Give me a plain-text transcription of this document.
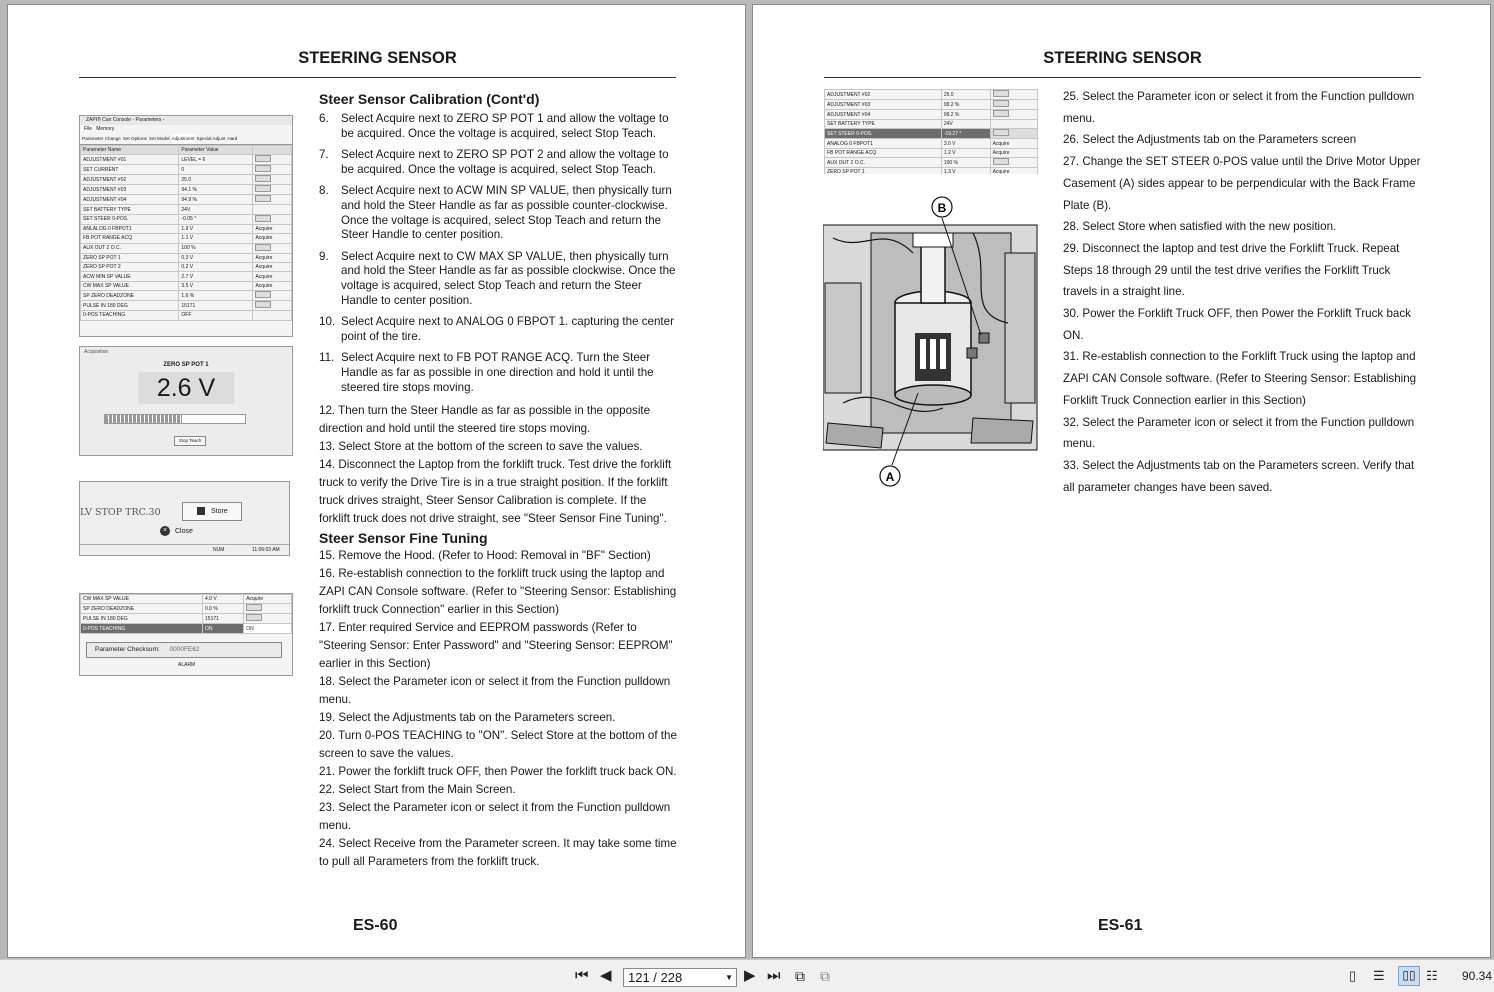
STEERING SENSOR
ZAPI® Can Console - Parameters -
File Memory
Parameter Change Set Options Set Model Adjustment Special Adjust Hard
Parameter Name	Parameter Value	
ADJUSTMENT #01	LEVEL = 6	
SET CURRENT	0	
ADJUSTMENT #02	25.0	
ADJUSTMENT #03	94.1 %	
ADJUSTMENT #04	94.9 %	
SET BATTERY TYPE	24V	
SET STEER 0-POS.	-0.05 °	
ANLALOG 0 FBPOT1	1.9 V	Acquire
FB POT RANGE ACQ	1.1 V	Acquire
AUX OUT 2 O.C.	100 %	
ZERO SP POT 1	0.3 V	Acquire
ZERO SP POT 2	0.2 V	Acquire
ACW MIN SP VALUE	2.7 V	Acquire
CW MAX SP VALUE	3.5 V	Acquire
SP ZERO DEADZONE	1.6 %	
PULSE IN 180 DEG	15171	
0-POS TEACHING	OFF	
Acquisition
ZERO SP POT 1
2.6 V
Stop Teach
LV STOP TRC.30	Store
× Close
NUM	11:06:03 AM
CW MAX SP VALUE	4.0 V	Acquire
SP ZERO DEADZONE	0.0 %	
PULSE IN 180 DEG	15171	
0-POS TEACHING	ON	ON
Parameter Checksum: 0000FE62
ALARM
Steer Sensor Calibration (Cont'd)
6. Select Acquire next to ZERO SP POT 1 and allow the voltage to be acquired. Once the voltage is acquired, select Stop Teach.
7. Select Acquire next to ZERO SP POT 2 and allow the voltage to be acquired. Once the voltage is acquired, select Stop Teach.
8. Select Acquire next to ACW MIN SP VALUE, then physically turn and hold the Steer Handle as far as possible counter-clockwise. Once the voltage is acquired, select Stop Teach and return the Steer Handle to center position.
9. Select Acquire next to CW MAX SP VALUE, then physically turn and hold the Steer Handle as far as possible clockwise. Once the voltage is acquired, select Stop Teach and return the Steer Handle to center position.
10. Select Acquire next to ANALOG 0 FBPOT 1. capturing the center point of the tire.
11. Select Acquire next to FB POT RANGE ACQ. Turn the Steer Handle as far as possible in one direction and hold it until the steered tire stops moving.

12. Then turn the Steer Handle as far as possible in the opposite direction and hold until the steered tire stops moving.

13. Select Store at the bottom of the screen to save the values.

14. Disconnect the Laptop from the forklift truck. Test drive the forklift truck to verify the Drive Tire is in a true straight position. If the forklift truck drives straight, Steer Sensor Calibration is complete. If the forklift truck does not drive straight, see "Steer Sensor Fine Tuning".

Steer Sensor Fine Tuning

15. Remove the Hood. (Refer to Hood: Removal in "BF" Section)

16. Re-establish connection to the forklift truck using the laptop and ZAPI CAN Console software. (Refer to "Steering Sensor: Establishing forklift truck Connection" earlier in this Section)

17. Enter required Service and EEPROM passwords (Refer to "Steering Sensor: Enter Password" and "Steering Sensor: EEPROM" earlier in this Section)

18. Select the Parameter icon or select it from the Function pulldown menu.

19. Select the Adjustments tab on the Parameters screen.

20. Turn 0-POS TEACHING to "ON". Select Store at the bottom of the screen to save the values.

21. Power the forklift truck OFF, then Power the forklift truck back ON.

22. Select Start from the Main Screen.

23. Select the Parameter icon or select it from the Function pulldown menu.

24. Select Receive from the Parameter screen. It may take some time to pull all Parameters from the forklift truck.

ES-60
STEERING SENSOR
ADJUSTMENT #02	25.0	
ADJUSTMENT #03	99.2 %	
ADJUSTMENT #04	99.2 %	
SET BATTERY TYPE	24V	
SET STEER 0-POS.	-19.27 °	
ANALOG 0 FBPOT1	3.0 V	Acquire
FB POT RANGE ACQ	1.2 V	Acquire
AUX OUT 2 O.C.	100 %	
ZERO SP POT 1	1.3 V	Acquire
B
A

25. Select the Parameter icon or select it from the Function pulldown menu.

26. Select the Adjustments tab on the Parameters screen

27. Change the SET STEER 0-POS value until the Drive Motor Upper Casement (A) sides appear to be perpendicular with the Back Frame Plate (B).

28. Select Store when satisfied with the new position.

29. Disconnect the laptop and test drive the Forklift Truck. Repeat Steps 18 through 29 until the test drive verifies the Forklift Truck travels in a straight line.

30. Power the Forklift Truck OFF, then Power the Forklift Truck back ON.

31. Re-establish connection to the Forklift Truck using the laptop and ZAPI CAN Console software. (Refer to Steering Sensor: Establishing Forklift Truck Connection earlier in this Section)

32. Select the Parameter icon or select it from the Function pulldown menu.

33. Select the Adjustments tab on the Parameters screen. Verify that all parameter changes have been saved.

ES-61
⏮ ◀	121 / 228	▼ ▶ ⏭ ⧉ ⧉	▯ ☰	▯▯ ☷ 90.34
